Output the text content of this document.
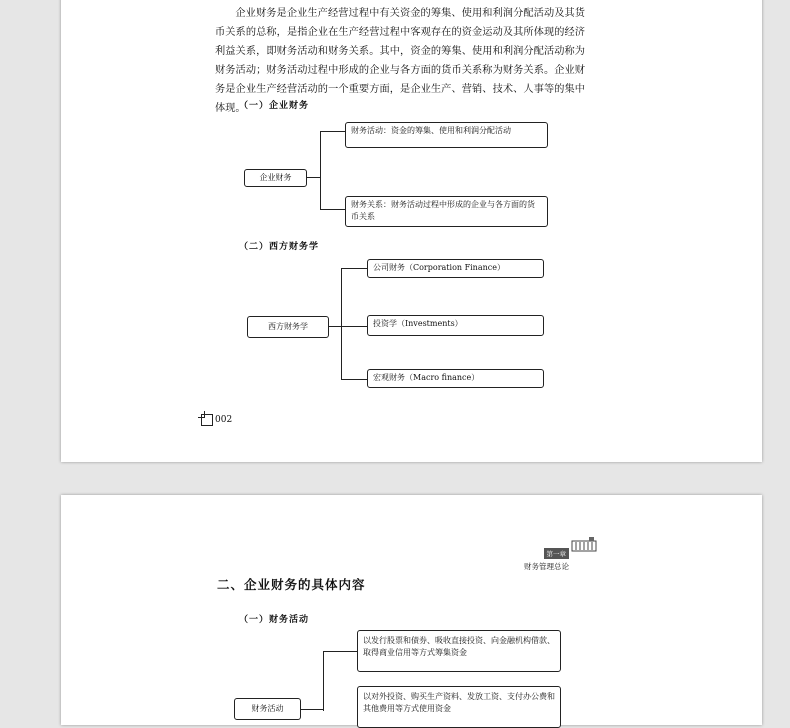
企业财务是企业生产经营过程中有关资金的筹集、使用和利润分配活动及其货币关系的总称，是指企业在生产经营过程中客观存在的资金运动及其所体现的经济利益关系，即财务活动和财务关系。其中，资金的筹集、使用和利润分配活动称为财务活动；财务活动过程中形成的企业与各方面的货币关系称为财务关系。企业财务是企业生产经营活动的一个重要方面，是企业生产、营销、技术、人事等的集中体现。

（一）企业财务

企业财务
财务活动：资金的筹集、使用和利润分配活动
财务关系：财务活动过程中形成的企业与各方面的货币关系

（二）西方财务学

西方财务学
公司财务（Corporation Finance）
投资学（Investments）
宏观财务（Macro finance）
002
第一章
财务管理总论

二、企业财务的具体内容

（一）财务活动

财务活动
以发行股票和债券、吸收直接投资、向金融机构借款、取得商业信用等方式筹集资金
以对外投资、购买生产资料、发放工资、支付办公费和其他费用等方式使用资金
